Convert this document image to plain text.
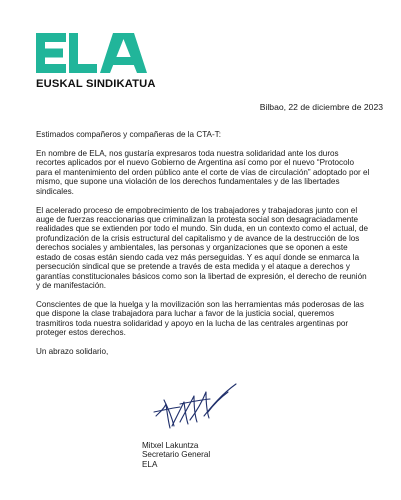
EUSKAL SINDIKATUA
Bilbao, 22 de diciembre de 2023

Estimados compañeros y compañeras de la CTA-T:

En nombre de ELA, nos gustaría expresaros toda nuestra solidaridad ante los duros recortes aplicados por el nuevo Gobierno de Argentina así como por el nuevo “Protocolo para el mantenimiento del orden público ante el corte de vías de circulación” adoptado por el mismo, que supone una violación de los derechos fundamentales y de las libertades sindicales.

El acelerado proceso de empobrecimiento de los trabajadores y trabajadoras junto con el auge de fuerzas reaccionarias que criminalizan la protesta social son desagraciadamente realidades que se extienden por todo el mundo. Sin duda, en un contexto como el actual, de profundización de la crisis estructural del capitalismo y de avance de la destrucción de los derechos sociales y ambientales, las personas y organizaciones que se oponen a este estado de cosas están siendo cada vez más perseguidas. Y es aquí donde se enmarca la persecución sindical que se pretende a través de esta medida y el ataque a derechos y garantías constitucionales básicos como son la libertad de expresión, el derecho de reunión y de manifestación.

Conscientes de que la huelga y la movilización son las herramientas más poderosas de las que dispone la clase trabajadora para luchar a favor de la justicia social, queremos trasmitiros toda nuestra solidaridad y apoyo en la lucha de las centrales argentinas por proteger estos derechos.

Un abrazo solidario,

Mitxel Lakuntza
Secretario General
ELA
